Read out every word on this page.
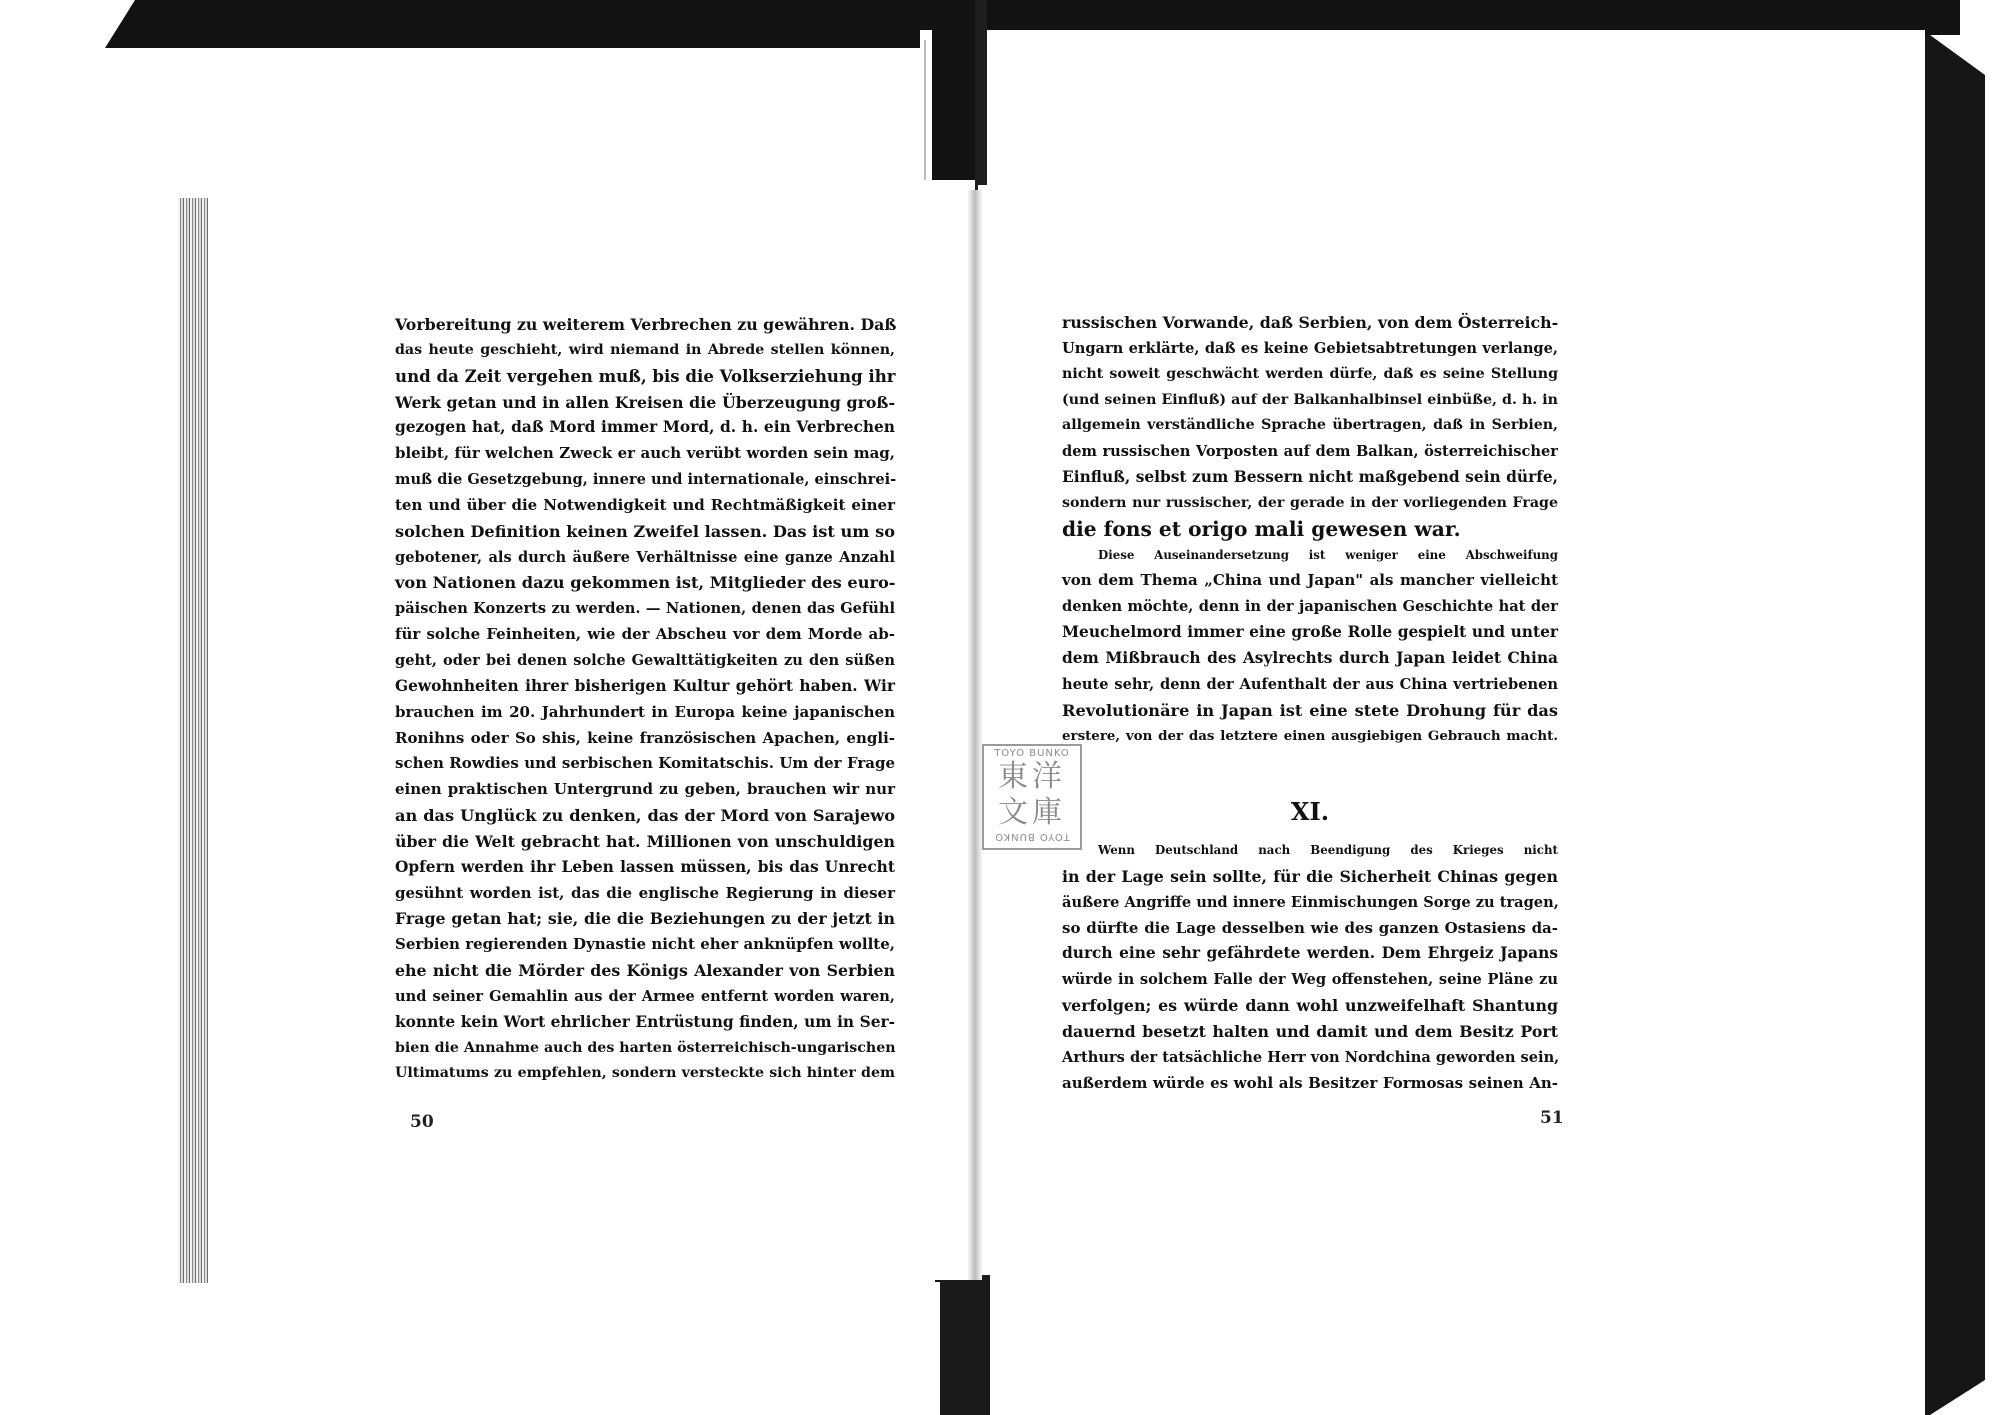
Vorbereitung zu weiterem Verbrechen zu gewähren. Daß
das heute geschieht, wird niemand in Abrede stellen können,
und da Zeit vergehen muß, bis die Volkserziehung ihr
Werk getan und in allen Kreisen die Überzeugung groß-
gezogen hat, daß Mord immer Mord, d. h. ein Verbrechen
bleibt, für welchen Zweck er auch verübt worden sein mag,
muß die Gesetzgebung, innere und internationale, einschrei-
ten und über die Notwendigkeit und Rechtmäßigkeit einer
solchen Definition keinen Zweifel lassen. Das ist um so
gebotener, als durch äußere Verhältnisse eine ganze Anzahl
von Nationen dazu gekommen ist, Mitglieder des euro-
päischen Konzerts zu werden. — Nationen, denen das Gefühl
für solche Feinheiten, wie der Abscheu vor dem Morde ab-
geht, oder bei denen solche Gewalttätigkeiten zu den süßen
Gewohnheiten ihrer bisherigen Kultur gehört haben. Wir
brauchen im 20. Jahrhundert in Europa keine japanischen
Ronihns oder So shis, keine französischen Apachen, engli-
schen Rowdies und serbischen Komitatschis. Um der Frage
einen praktischen Untergrund zu geben, brauchen wir nur
an das Unglück zu denken, das der Mord von Sarajewo
über die Welt gebracht hat. Millionen von unschuldigen
Opfern werden ihr Leben lassen müssen, bis das Unrecht
gesühnt worden ist, das die englische Regierung in dieser
Frage getan hat; sie, die die Beziehungen zu der jetzt in
Serbien regierenden Dynastie nicht eher anknüpfen wollte,
ehe nicht die Mörder des Königs Alexander von Serbien
und seiner Gemahlin aus der Armee entfernt worden waren,
konnte kein Wort ehrlicher Entrüstung finden, um in Ser-
bien die Annahme auch des harten österreichisch-ungarischen
Ultimatums zu empfehlen, sondern versteckte sich hinter dem
50
russischen Vorwande, daß Serbien, von dem Österreich-
Ungarn erklärte, daß es keine Gebietsabtretungen verlange,
nicht soweit geschwächt werden dürfe, daß es seine Stellung
(und seinen Einfluß) auf der Balkanhalbinsel einbüße, d. h. in
allgemein verständliche Sprache übertragen, daß in Serbien,
dem russischen Vorposten auf dem Balkan, österreichischer
Einfluß, selbst zum Bessern nicht maßgebend sein dürfe,
sondern nur russischer, der gerade in der vorliegenden Frage
die fons et origo mali gewesen war.
Diese Auseinandersetzung ist weniger eine Abschweifung
von dem Thema „China und Japan" als mancher vielleicht
denken möchte, denn in der japanischen Geschichte hat der
Meuchelmord immer eine große Rolle gespielt und unter
dem Mißbrauch des Asylrechts durch Japan leidet China
heute sehr, denn der Aufenthalt der aus China vertriebenen
Revolutionäre in Japan ist eine stete Drohung für das
erstere, von der das letztere einen ausgiebigen Gebrauch macht.
XI.
Wenn Deutschland nach Beendigung des Krieges nicht
in der Lage sein sollte, für die Sicherheit Chinas gegen
äußere Angriffe und innere Einmischungen Sorge zu tragen,
so dürfte die Lage desselben wie des ganzen Ostasiens da-
durch eine sehr gefährdete werden. Dem Ehrgeiz Japans
würde in solchem Falle der Weg offenstehen, seine Pläne zu
verfolgen; es würde dann wohl unzweifelhaft Shantung
dauernd besetzt halten und damit und dem Besitz Port
Arthurs der tatsächliche Herr von Nordchina geworden sein,
außerdem würde es wohl als Besitzer Formosas seinen An-
51
TOYO BUNKO
東洋文庫
TOYO BUNKO
